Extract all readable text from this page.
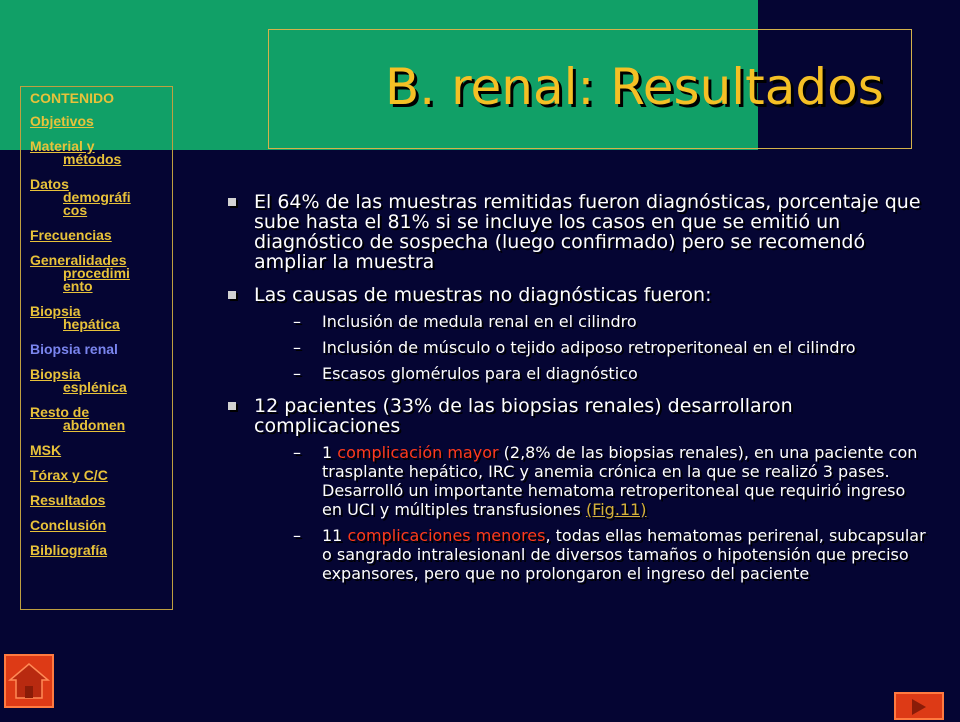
B. renal: Resultados
CONTENIDO
Objetivos
Material y
métodos
Datos
demográfi
cos
Frecuencias
Generalidades
procedimi
ento
Biopsia
hepática
Biopsia renal
Biopsia
esplénica
Resto de
abdomen
MSK
Tórax y C/C
Resultados
Conclusión
Bibliografía
El 64% de las muestras remitidas fueron diagnósticas, porcentaje que sube hasta el 81% si se incluye los casos en que se emitió un diagnóstico de sospecha (luego confirmado) pero se recomendó ampliar la muestra
Las causas de muestras no diagnósticas fueron:
– Inclusión de medula renal en el cilindro
– Inclusión de músculo o tejido adiposo retroperitoneal en el cilindro
– Escasos glomérulos para el diagnóstico
12 pacientes (33% de las biopsias renales) desarrollaron complicaciones
– 1 complicación mayor (2,8% de las biopsias renales), en una paciente con trasplante hepático, IRC y anemia crónica en la que se realizó 3 pases. Desarrolló un importante hematoma retroperitoneal que requirió ingreso en UCI y múltiples transfusiones (Fig.11)
– 11 complicaciones menores, todas ellas hematomas perirenal, subcapsular o sangrado intralesionanl de diversos tamaños o hipotensión que preciso expansores, pero que no prolongaron el ingreso del paciente
